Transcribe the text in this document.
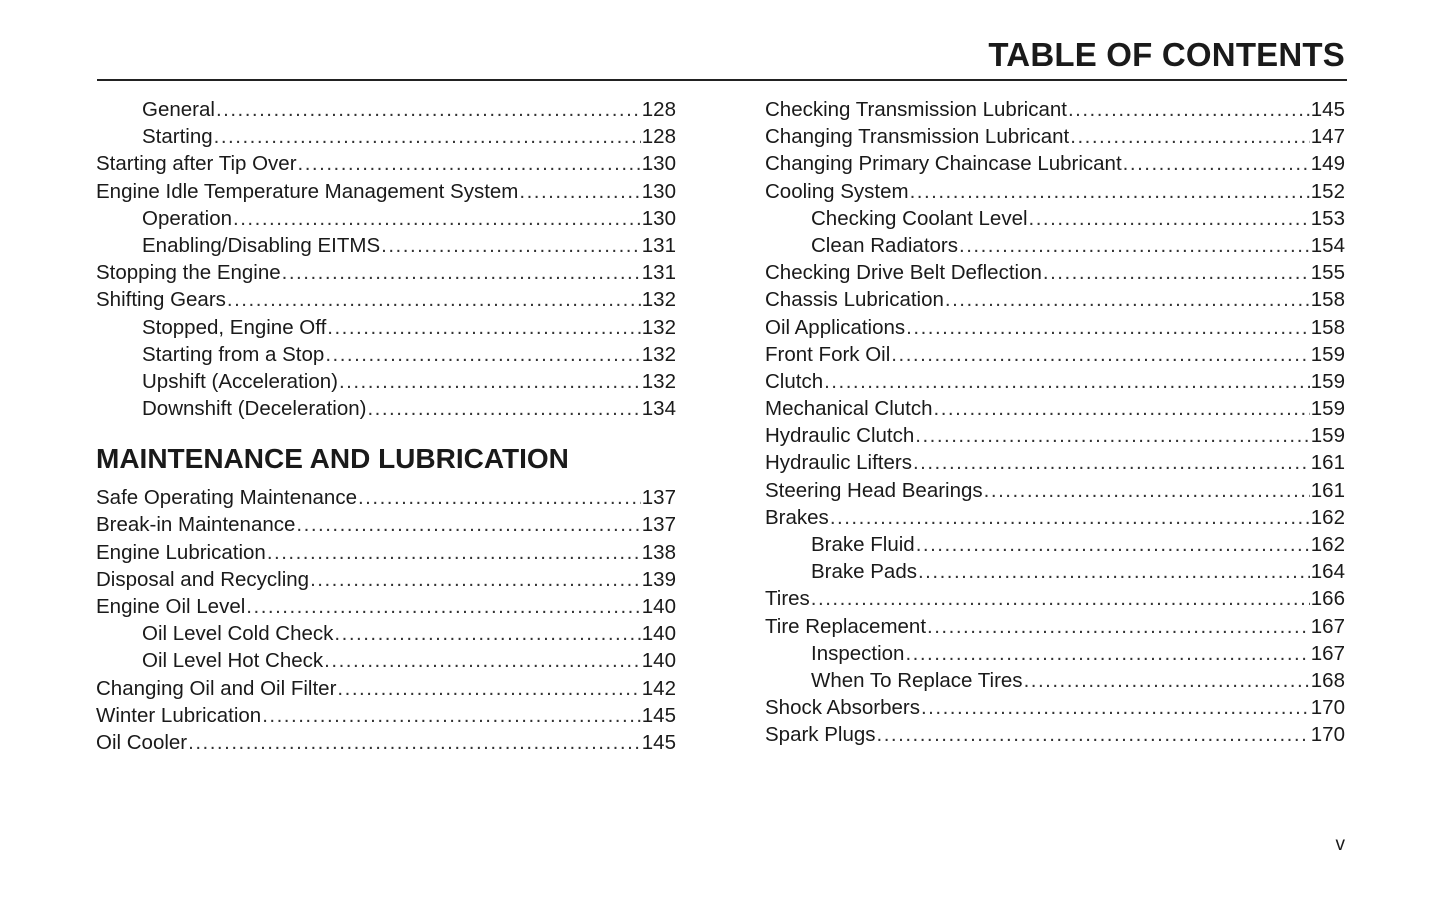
TABLE OF CONTENTS
General .....	128
Starting .....	128
Starting after Tip Over .....	130
Engine Idle Temperature Management System .....	130
Operation .....	130
Enabling/Disabling EITMS .....	131
Stopping the Engine .....	131
Shifting Gears .....	132
Stopped, Engine Off .....	132
Starting from a Stop .....	132
Upshift (Acceleration) .....	132
Downshift (Deceleration) .....	134
MAINTENANCE AND LUBRICATION
Safe Operating Maintenance .....	137
Break-in Maintenance .....	137
Engine Lubrication .....	138
Disposal and Recycling .....	139
Engine Oil Level .....	140
Oil Level Cold Check .....	140
Oil Level Hot Check .....	140
Changing Oil and Oil Filter .....	142
Winter Lubrication .....	145
Oil Cooler .....	145
Checking Transmission Lubricant .....	145
Changing Transmission Lubricant .....	147
Changing Primary Chaincase Lubricant .....	149
Cooling System .....	152
Checking Coolant Level .....	153
Clean Radiators .....	154
Checking Drive Belt Deflection .....	155
Chassis Lubrication .....	158
Oil Applications .....	158
Front Fork Oil .....	159
Clutch .....	159
Mechanical Clutch .....	159
Hydraulic Clutch .....	159
Hydraulic Lifters .....	161
Steering Head Bearings .....	161
Brakes .....	162
Brake Fluid .....	162
Brake Pads .....	164
Tires .....	166
Tire Replacement .....	167
Inspection .....	167
When To Replace Tires .....	168
Shock Absorbers .....	170
Spark Plugs .....	170
v
